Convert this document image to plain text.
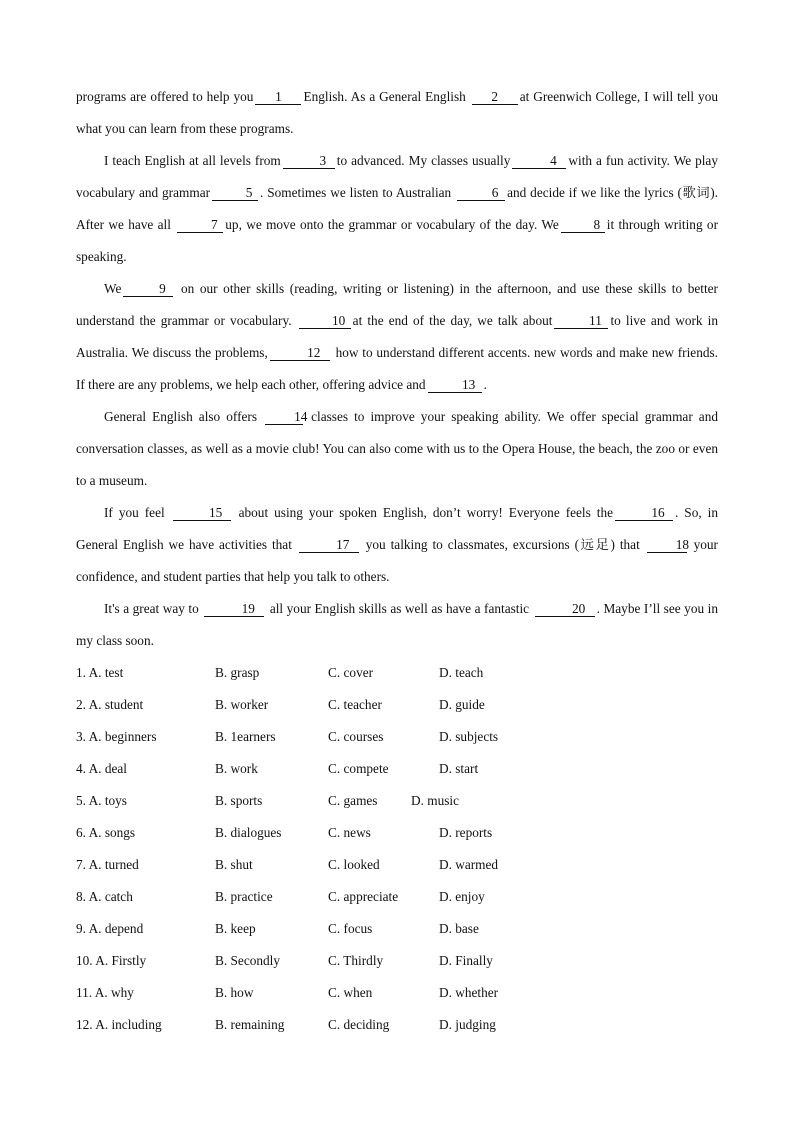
programs are offered to help you 1 English. As a General English 2 at Greenwich College, I will tell you what you can learn from these programs.

I teach English at all levels from	3 to advanced. My classes usually	4 with a fun activity. We play vocabulary and grammar	5 . Sometimes we listen to Australian	6 and decide if we like the lyrics (歌词). After we have all	7 up, we move onto the grammar or vocabulary of the day. We	8 it through writing or speaking.

We	9 on our other skills (reading, writing or listening) in the afternoon, and use these skills to better understand the grammar or vocabulary.	10 at the end of the day, we talk about	11 to live and work in Australia. We discuss the problems,	12 how to understand different accents. new words and make new friends. If there are any problems, we help each other, offering advice and	13 .

General English also offers 14 classes to improve your speaking ability. We offer special grammar and conversation classes, as well as a movie club! You can also come with us to the Opera House, the beach, the zoo or even to a museum.

If you feel	15 about using your spoken English, don’t worry! Everyone feels the	16 . So, in General English we have activities that	17 you talking to classmates, excursions (远足) that 18 your confidence, and student parties that help you talk to others.

It's a great way to	19 all your English skills as well as have a fantastic	20 . Maybe I’ll see you in my class soon.

1. A. test	B. grasp	C. cover	D. teach
2. A. student	B. worker	C. teacher	D. guide
3. A. beginners	B. 1earners	C. courses	D. subjects
4. A. deal	B. work	C. compete	D. start
5. A. toys	B. sports	C. games	D. music
6. A. songs	B. dialogues	C. news	D. reports
7. A. turned	B. shut	C. looked	D. warmed
8. A. catch	B. practice	C. appreciate	D. enjoy
9. A. depend	B. keep	C. focus	D. base
10. A. Firstly	B. Secondly	C. Thirdly	D. Finally
11. A. why	B. how	C. when	D. whether
12. A. including	B. remaining	C. deciding	D. judging
